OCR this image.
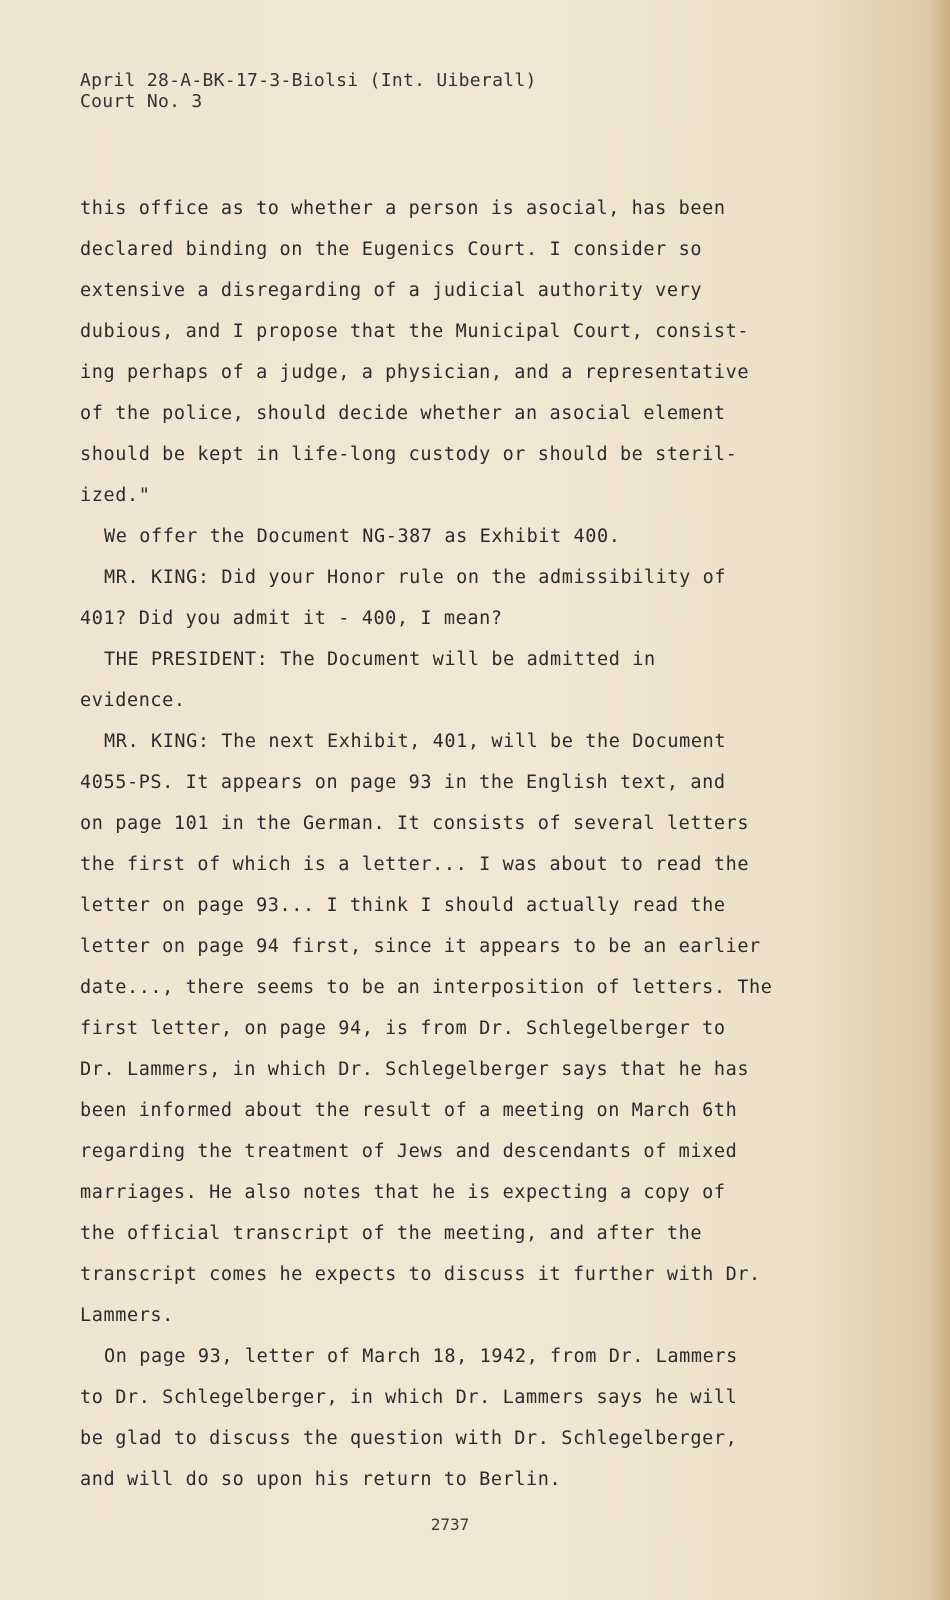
April 28-A-BK-17-3-Biolsi (Int. Uiberall)
Court No. 3
this office as to whether a person is asocial, has been
declared binding on the Eugenics Court. I consider so
extensive a disregarding of a judicial authority very
dubious, and I propose that the Municipal Court, consist-
ing perhaps of a judge, a physician, and a representative
of the police, should decide whether an asocial element
should be kept in life-long custody or should be steril-
ized."
We offer the Document NG-387 as Exhibit 400.
MR. KING: Did your Honor rule on the admissibility of
401? Did you admit it - 400, I mean?
THE PRESIDENT: The Document will be admitted in
evidence.
MR. KING: The next Exhibit, 401, will be the Document
4055-PS. It appears on page 93 in the English text, and
on page 101 in the German. It consists of several letters
the first of which is a letter... I was about to read the
letter on page 93... I think I should actually read the
letter on page 94 first, since it appears to be an earlier
date..., there seems to be an interposition of letters. The
first letter, on page 94, is from Dr. Schlegelberger to
Dr. Lammers, in which Dr. Schlegelberger says that he has
been informed about the result of a meeting on March 6th
regarding the treatment of Jews and descendants of mixed
marriages. He also notes that he is expecting a copy of
the official transcript of the meeting, and after the
transcript comes he expects to discuss it further with Dr.
Lammers.
On page 93, letter of March 18, 1942, from Dr. Lammers
to Dr. Schlegelberger, in which Dr. Lammers says he will
be glad to discuss the question with Dr. Schlegelberger,
and will do so upon his return to Berlin.
2737
